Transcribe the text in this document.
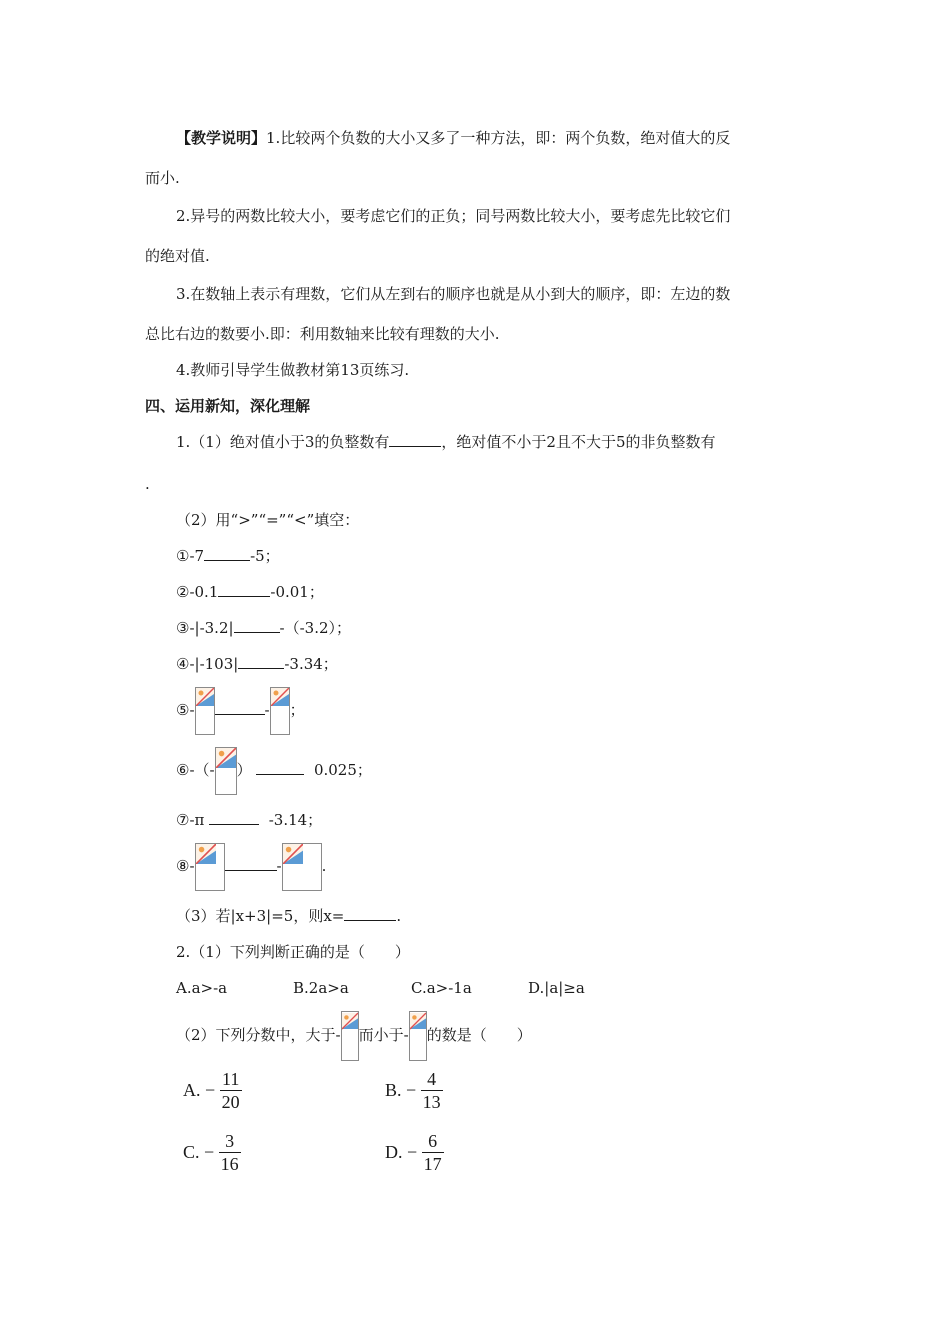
【教学说明】1.比较两个负数的大小又多了一种方法，即：两个负数，绝对值大的反
而小.
2.异号的两数比较大小，要考虑它们的正负；同号两数比较大小，要考虑先比较它们
的绝对值.
3.在数轴上表示有理数，它们从左到右的顺序也就是从小到大的顺序，即：左边的数
总比右边的数要小.即：利用数轴来比较有理数的大小.
4.教师引导学生做教材第13页练习.
四、运用新知，深化理解
1.（1）绝对值小于3的负整数有	，绝对值不小于2且不大于5的非负整数有
.
（2）用“>”“=”“<”填空：
①-7	-5；
②-0.1	-0.01；
③-|-3.2|	-（-3.2）；
④-|-103|	-3.34；
⑤-	- ；
⑥-（- ）	0.025；
⑦-π	-3.14；
⑧-	-	.
（3）若|x+3|=5，则x=	.
2.（1）下列判断正确的是（　　）
A.a>-a	B.2a>a	C.a>-1a	D.|a|≥a
（2）下列分数中，大于- 而小于- 的数是（　　）
A. − $\frac{11}{20}$	B. − $\frac{4}{13}$
C. − $\frac{3}{16}$	D. − $\frac{6}{17}$
